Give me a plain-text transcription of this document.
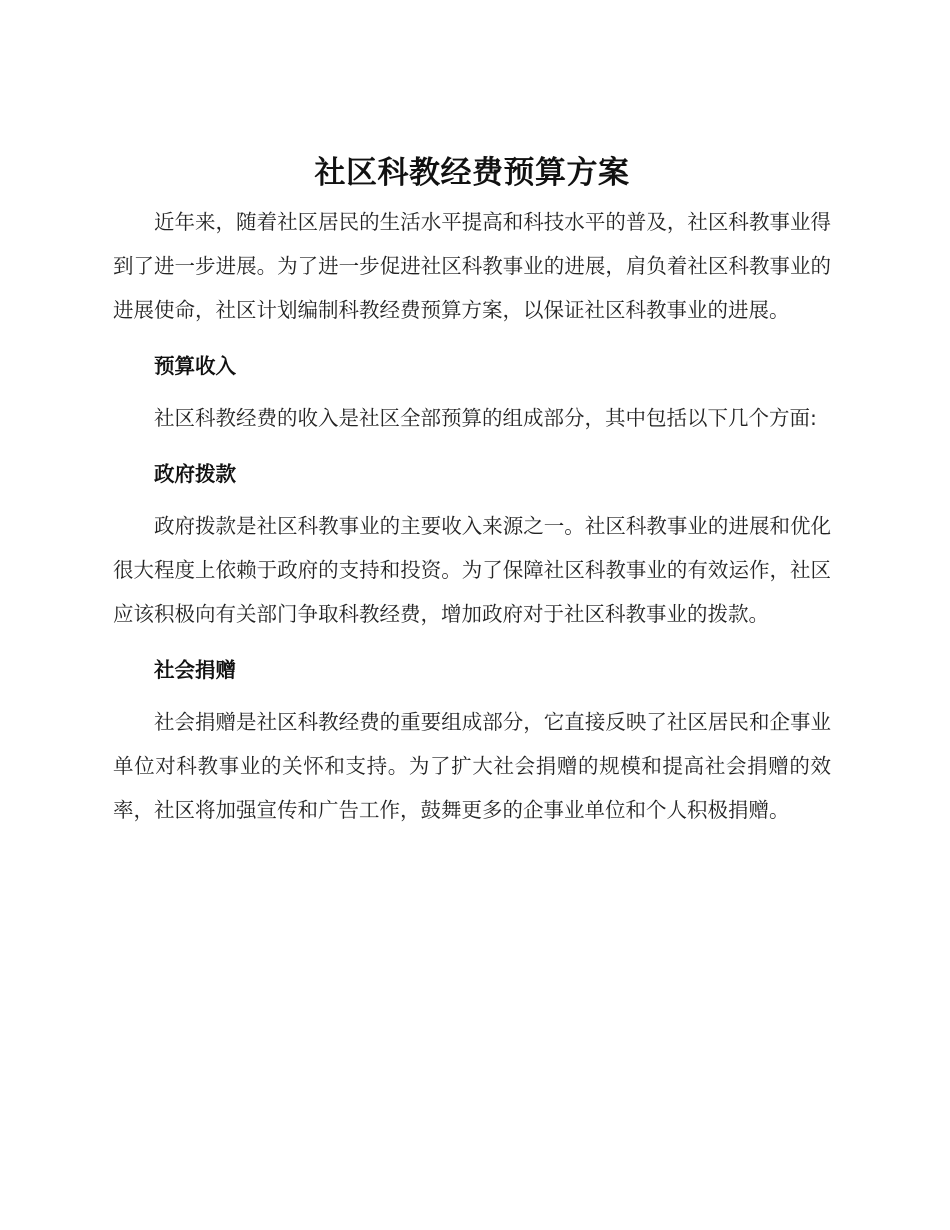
社区科教经费预算方案

近年来，随着社区居民的生活水平提高和科技水平的普及，社区科教事业得到了进一步进展。为了进一步促进社区科教事业的进展，肩负着社区科教事业的进展使命，社区计划编制科教经费预算方案，以保证社区科教事业的进展。

预算收入

社区科教经费的收入是社区全部预算的组成部分，其中包括以下几个方面:

政府拨款

政府拨款是社区科教事业的主要收入来源之一。社区科教事业的进展和优化很大程度上依赖于政府的支持和投资。为了保障社区科教事业的有效运作，社区应该积极向有关部门争取科教经费，增加政府对于社区科教事业的拨款。

社会捐赠

社会捐赠是社区科教经费的重要组成部分，它直接反映了社区居民和企事业单位对科教事业的关怀和支持。为了扩大社会捐赠的规模和提高社会捐赠的效率，社区将加强宣传和广告工作，鼓舞更多的企事业单位和个人积极捐赠。
